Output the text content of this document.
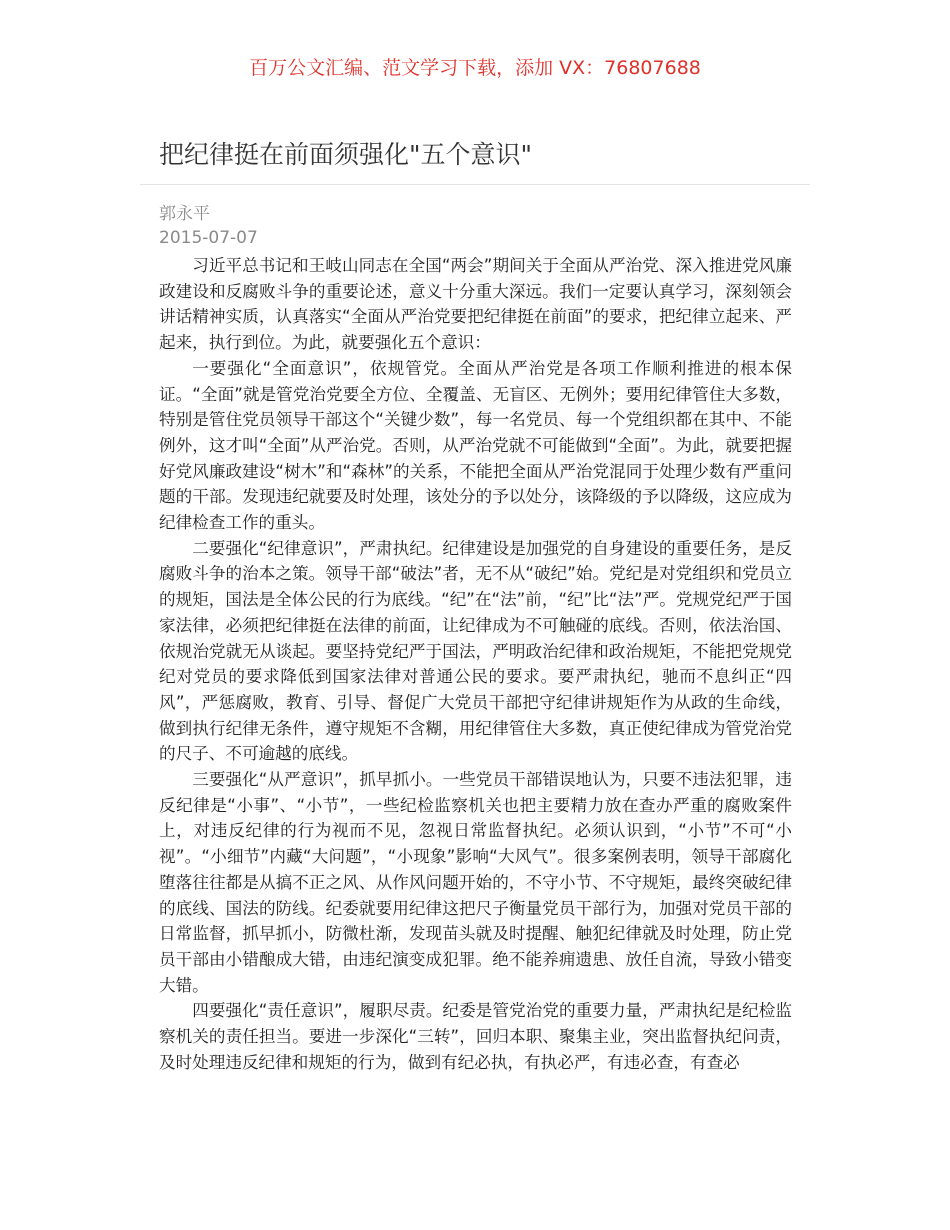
百万公文汇编、范文学习下载，添加 VX：76807688
把纪律挺在前面须强化"五个意识"
郭永平
2015-07-07

习近平总书记和王岐山同志在全国“两会”期间关于全面从严治党、深入推进党风廉政建设和反腐败斗争的重要论述，意义十分重大深远。我们一定要认真学习，深刻领会讲话精神实质，认真落实“全面从严治党要把纪律挺在前面”的要求，把纪律立起来、严起来，执行到位。为此，就要强化五个意识：

一要强化“全面意识”，依规管党。全面从严治党是各项工作顺利推进的根本保证。“全面”就是管党治党要全方位、全覆盖、无盲区、无例外；要用纪律管住大多数，特别是管住党员领导干部这个“关键少数”，每一名党员、每一个党组织都在其中、不能例外，这才叫“全面”从严治党。否则，从严治党就不可能做到“全面”。为此，就要把握好党风廉政建设“树木”和“森林”的关系，不能把全面从严治党混同于处理少数有严重问题的干部。发现违纪就要及时处理，该处分的予以处分，该降级的予以降级，这应成为纪律检查工作的重头。

二要强化“纪律意识”，严肃执纪。纪律建设是加强党的自身建设的重要任务，是反腐败斗争的治本之策。领导干部“破法”者，无不从“破纪”始。党纪是对党组织和党员立的规矩，国法是全体公民的行为底线。“纪”在“法”前，“纪”比“法”严。党规党纪严于国家法律，必须把纪律挺在法律的前面，让纪律成为不可触碰的底线。否则，依法治国、依规治党就无从谈起。要坚持党纪严于国法，严明政治纪律和政治规矩，不能把党规党纪对党员的要求降低到国家法律对普通公民的要求。要严肃执纪，驰而不息纠正“四风”，严惩腐败，教育、引导、督促广大党员干部把守纪律讲规矩作为从政的生命线，做到执行纪律无条件，遵守规矩不含糊，用纪律管住大多数，真正使纪律成为管党治党的尺子、不可逾越的底线。

三要强化“从严意识”，抓早抓小。一些党员干部错误地认为，只要不违法犯罪，违反纪律是“小事”、“小节”，一些纪检监察机关也把主要精力放在查办严重的腐败案件上，对违反纪律的行为视而不见，忽视日常监督执纪。必须认识到，“小节”不可“小视”。“小细节”内藏“大问题”，“小现象”影响“大风气”。很多案例表明，领导干部腐化堕落往往都是从搞不正之风、从作风问题开始的，不守小节、不守规矩，最终突破纪律的底线、国法的防线。纪委就要用纪律这把尺子衡量党员干部行为，加强对党员干部的日常监督，抓早抓小，防微杜渐，发现苗头就及时提醒、触犯纪律就及时处理，防止党员干部由小错酿成大错，由违纪演变成犯罪。绝不能养痈遗患、放任自流，导致小错变大错。

四要强化“责任意识”，履职尽责。纪委是管党治党的重要力量，严肃执纪是纪检监察机关的责任担当。要进一步深化“三转”，回归本职、聚集主业，突出监督执纪问责，及时处理违反纪律和规矩的行为，做到有纪必执，有执必严，有违必查，有查必
